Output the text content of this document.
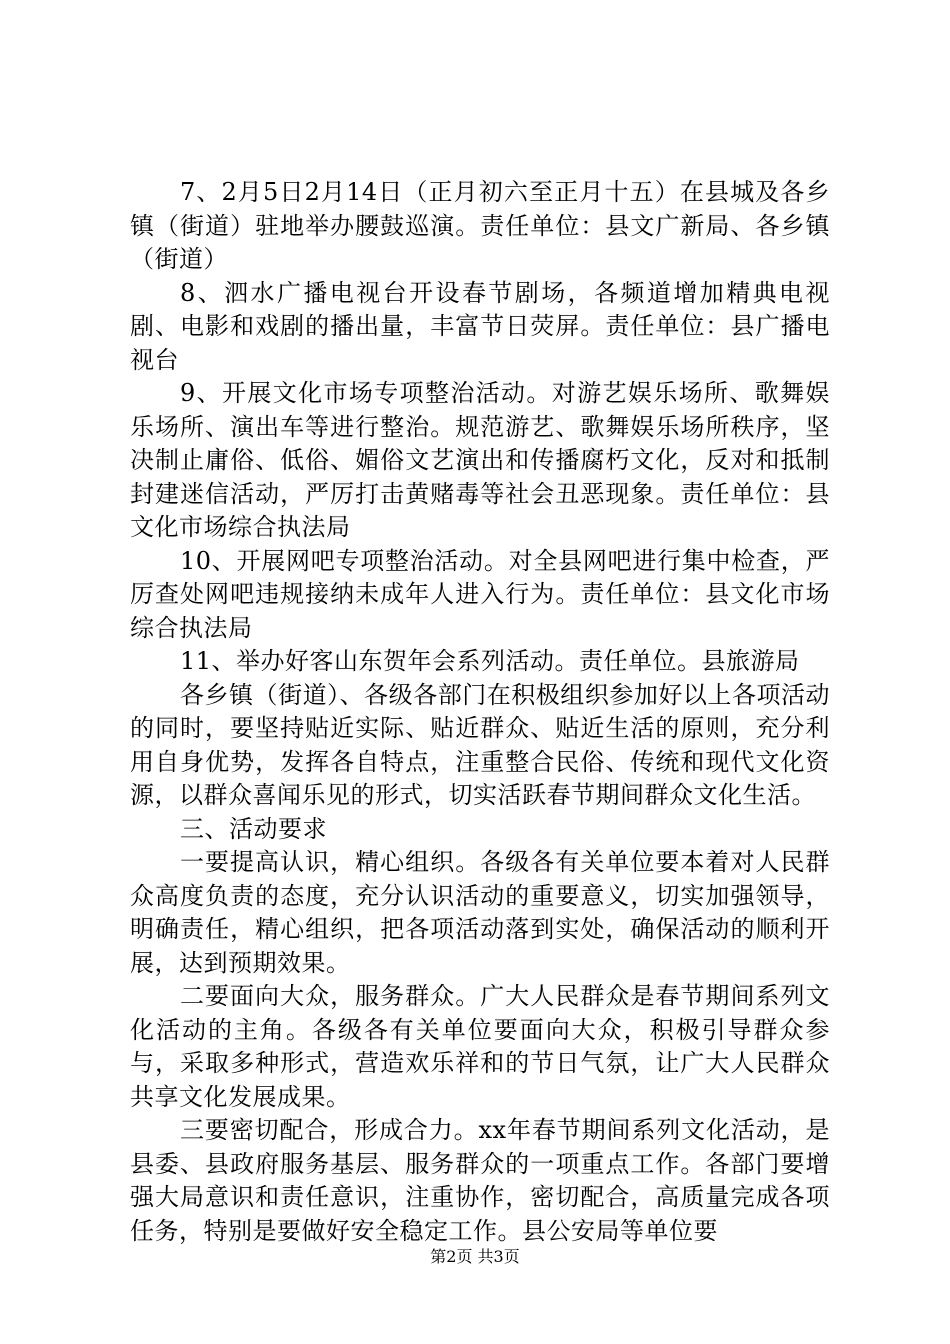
7、2月5日2月14日（正月初六至正月十五）在县城及各乡镇（街道）驻地举办腰鼓巡演。责任单位：县文广新局、各乡镇（街道）

8、泗水广播电视台开设春节剧场，各频道增加精典电视剧、电影和戏剧的播出量，丰富节日荧屏。责任单位：县广播电视台

9、开展文化市场专项整治活动。对游艺娱乐场所、歌舞娱乐场所、演出车等进行整治。规范游艺、歌舞娱乐场所秩序，坚决制止庸俗、低俗、媚俗文艺演出和传播腐朽文化，反对和抵制封建迷信活动，严厉打击黄赌毒等社会丑恶现象。责任单位：县文化市场综合执法局

10、开展网吧专项整治活动。对全县网吧进行集中检查，严厉查处网吧违规接纳未成年人进入行为。责任单位：县文化市场综合执法局

11、举办好客山东贺年会系列活动。责任单位。县旅游局

各乡镇（街道）、各级各部门在积极组织参加好以上各项活动的同时，要坚持贴近实际、贴近群众、贴近生活的原则，充分利用自身优势，发挥各自特点，注重整合民俗、传统和现代文化资源，以群众喜闻乐见的形式，切实活跃春节期间群众文化生活。

三、活动要求

一要提高认识，精心组织。各级各有关单位要本着对人民群众高度负责的态度，充分认识活动的重要意义，切实加强领导，明确责任，精心组织，把各项活动落到实处，确保活动的顺利开展，达到预期效果。

二要面向大众，服务群众。广大人民群众是春节期间系列文化活动的主角。各级各有关单位要面向大众，积极引导群众参与，采取多种形式，营造欢乐祥和的节日气氛，让广大人民群众共享文化发展成果。

三要密切配合，形成合力。xx年春节期间系列文化活动，是县委、县政府服务基层、服务群众的一项重点工作。各部门要增强大局意识和责任意识，注重协作，密切配合，高质量完成各项任务，特别是要做好安全稳定工作。县公安局等单位要

第2页 共3页
